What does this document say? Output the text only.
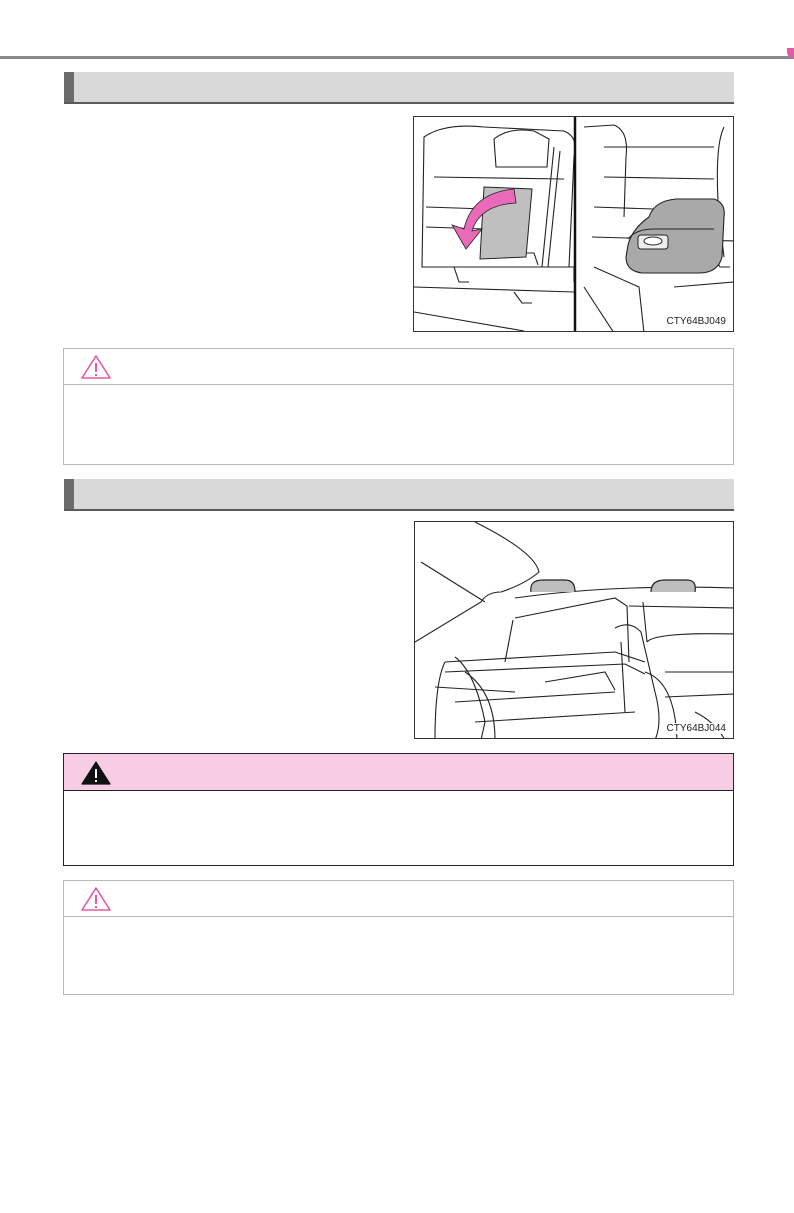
CTY64BJ049
CTY64BJ044
